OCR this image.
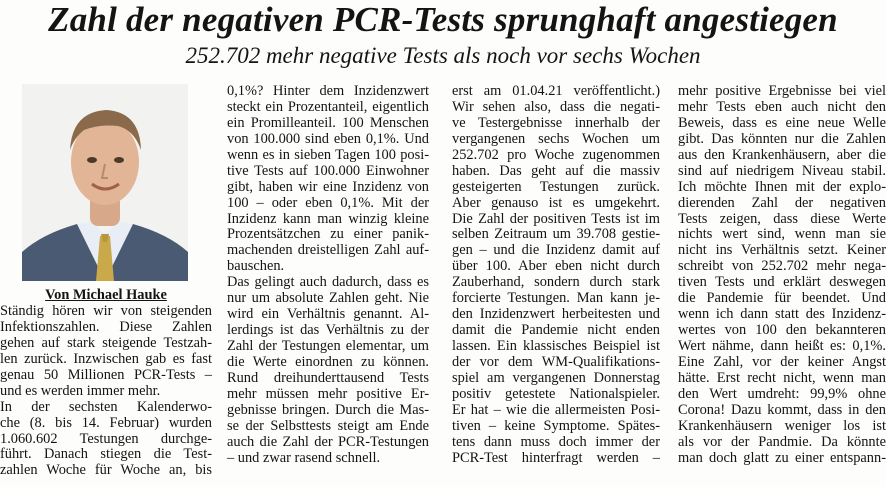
Zahl der negativen PCR-Tests sprunghaft angestiegen
252.702 mehr negative Tests als noch vor sechs Wochen
0,1%? Hinter dem Inzidenzwert
steckt ein Prozentanteil, eigentlich
ein Promilleanteil. 100 Menschen
von 100.000 sind eben 0,1%. Und
wenn es in sieben Tagen 100 posi-
tive Tests auf 100.000 Einwohner
gibt, haben wir eine Inzidenz von
100 – oder eben 0,1%. Mit der
Inzidenz kann man winzig kleine
Prozentsätzchen zu einer panik-
machenden dreistelligen Zahl auf-
bauschen.
Das gelingt auch dadurch, dass es
nur um absolute Zahlen geht. Nie
wird ein Verhältnis genannt. Al-
lerdings ist das Verhältnis zu der
Zahl der Testungen elementar, um
die Werte einordnen zu können.
Rund dreihunderttausend Tests
mehr müssen mehr positive Er-
gebnisse bringen. Durch die Mas-
se der Selbsttests steigt am Ende
auch die Zahl der PCR-Testungen
– und zwar rasend schnell.
erst am 01.04.21 veröffentlicht.)
Wir sehen also, dass die negati-
ve Testergebnisse innerhalb der
vergangenen sechs Wochen um
252.702 pro Woche zugenommen
haben. Das geht auf die massiv
gesteigerten Testungen zurück.
Aber genauso ist es umgekehrt.
Die Zahl der positiven Tests ist im
selben Zeitraum um 39.708 gestie-
gen – und die Inzidenz damit auf
über 100. Aber eben nicht durch
Zauberhand, sondern durch stark
forcierte Testungen. Man kann je-
den Inzidenzwert herbeitesten und
damit die Pandemie nicht enden
lassen. Ein klassisches Beispiel ist
der vor dem WM-Qualifikations-
spiel am vergangenen Donnerstag
positiv getestete Nationalspieler.
Er hat – wie die allermeisten Posi-
tiven – keine Symptome. Spätes-
tens dann muss doch immer der
PCR-Test hinterfragt werden –
mehr positive Ergebnisse bei viel
mehr Tests eben auch nicht den
Beweis, dass es eine neue Welle
gibt. Das könnten nur die Zahlen
aus den Krankenhäusern, aber die
sind auf niedrigem Niveau stabil.
Ich möchte Ihnen mit der explo-
dierenden Zahl der negativen
Tests zeigen, dass diese Werte
nichts wert sind, wenn man sie
nicht ins Verhältnis setzt. Keiner
schreibt von 252.702 mehr nega-
tiven Tests und erklärt deswegen
die Pandemie für beendet. Und
wenn ich dann statt des Inzidenz-
wertes von 100 den bekannteren
Wert nähme, dann heißt es: 0,1%.
Eine Zahl, vor der keiner Angst
hätte. Erst recht nicht, wenn man
den Wert umdreht: 99,9% ohne
Corona! Dazu kommt, dass in den
Krankenhäusern weniger los ist
als vor der Pandmie. Da könnte
man doch glatt zu einer entspann-
Von Michael Hauke
Ständig hören wir von steigenden
Infektionszahlen. Diese Zahlen
gehen auf stark steigende Testzah-
len zurück. Inzwischen gab es fast
genau 50 Millionen PCR-Tests –
und es werden immer mehr.
In der sechsten Kalenderwo-
che (8. bis 14. Februar) wurden
1.060.602 Testungen durchge-
führt. Danach stiegen die Test-
zahlen Woche für Woche an, bis
